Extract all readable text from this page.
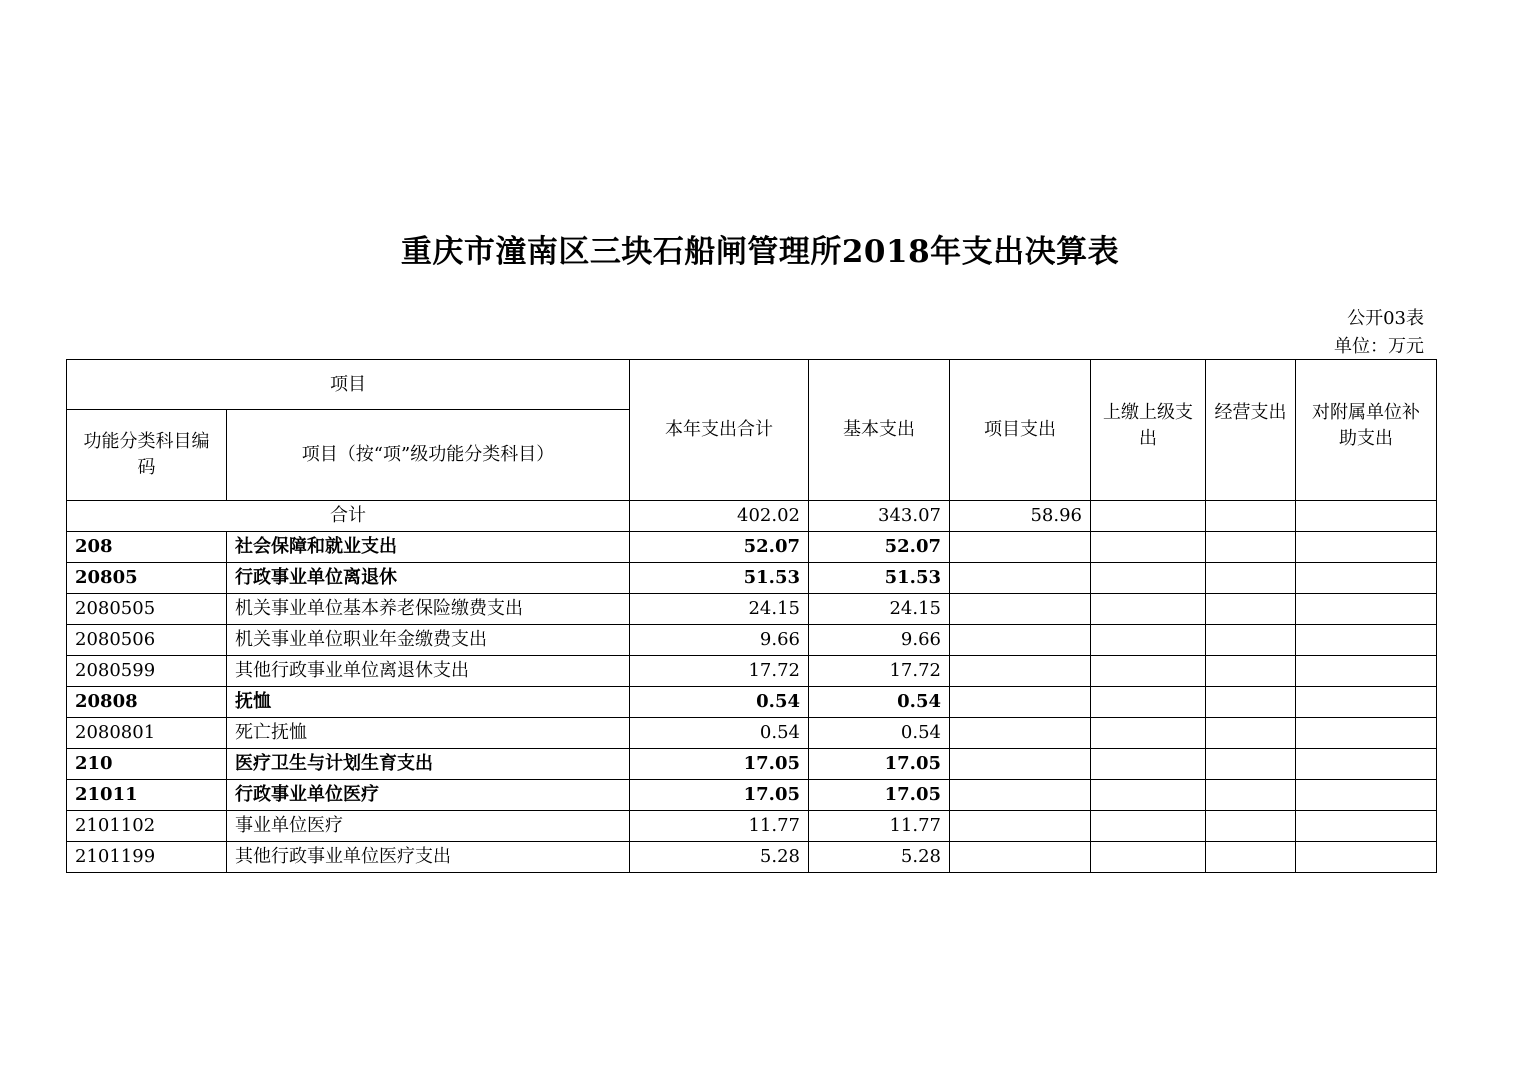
重庆市潼南区三块石船闸管理所2018年支出决算表
公开03表
单位：万元
项目		本年支出合计	基本支出	项目支出	上缴上级支出	经营支出	对附属单位补助支出
功能分类科目编码	项目（按“项”级功能分类科目）						
合计		402.02	343.07	58.96			
208	社会保障和就业支出	52.07	52.07				
20805	行政事业单位离退休	51.53	51.53				
2080505	机关事业单位基本养老保险缴费支出	24.15	24.15				
2080506	机关事业单位职业年金缴费支出	9.66	9.66				
2080599	其他行政事业单位离退休支出	17.72	17.72				
20808	抚恤	0.54	0.54				
2080801	死亡抚恤	0.54	0.54				
210	医疗卫生与计划生育支出	17.05	17.05				
21011	行政事业单位医疗	17.05	17.05				
2101102	事业单位医疗	11.77	11.77				
2101199	其他行政事业单位医疗支出	5.28	5.28				
